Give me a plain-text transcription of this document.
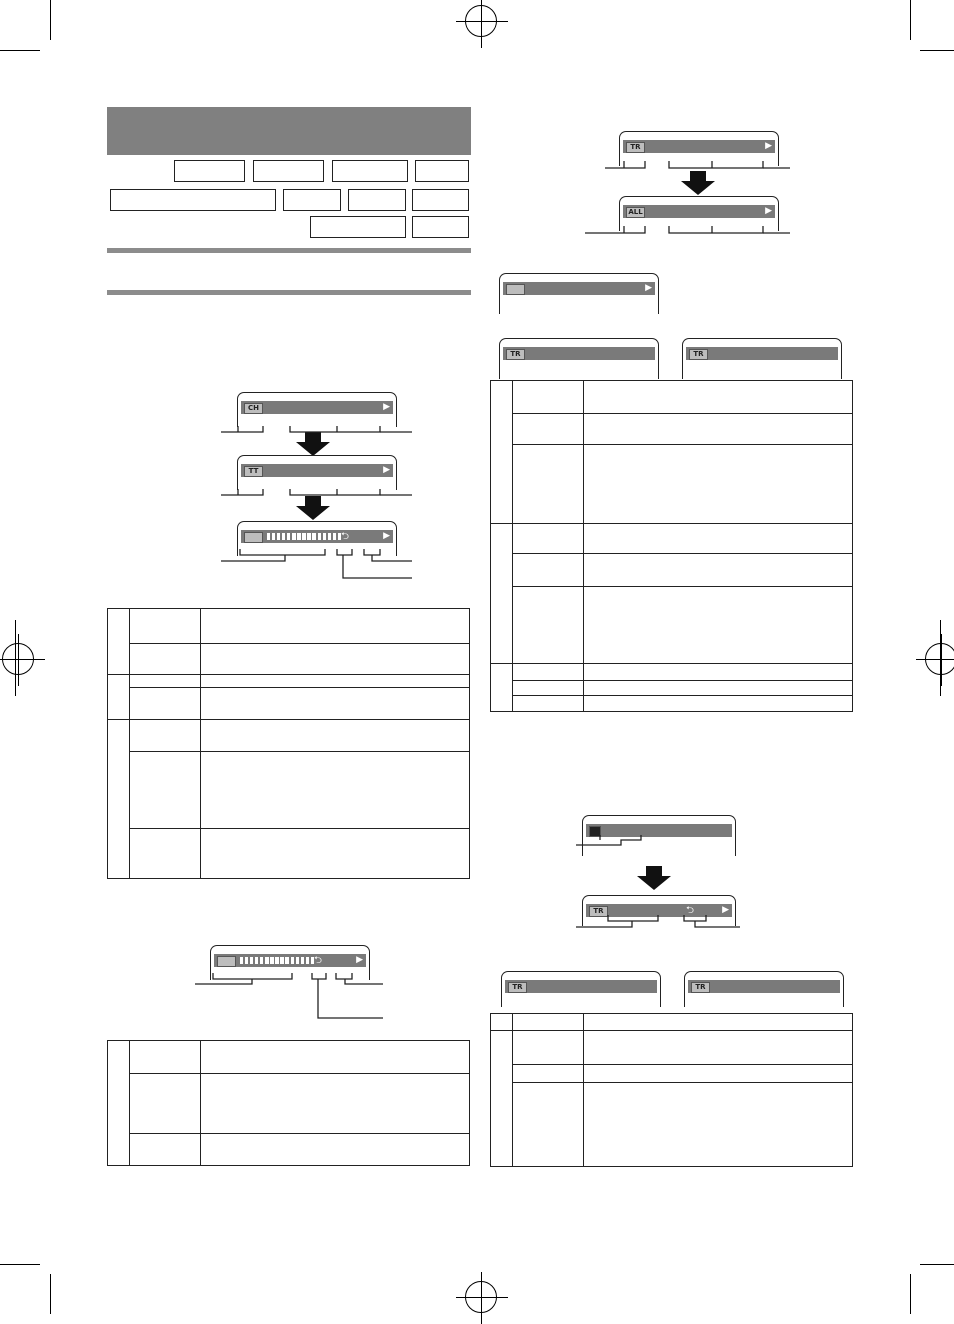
CH	▶
TT	▶
⮌	▶
⮌	▶
TR	▶
ALL	▶
▶
TR	TR
TR	⮌	▶
TR	TR
